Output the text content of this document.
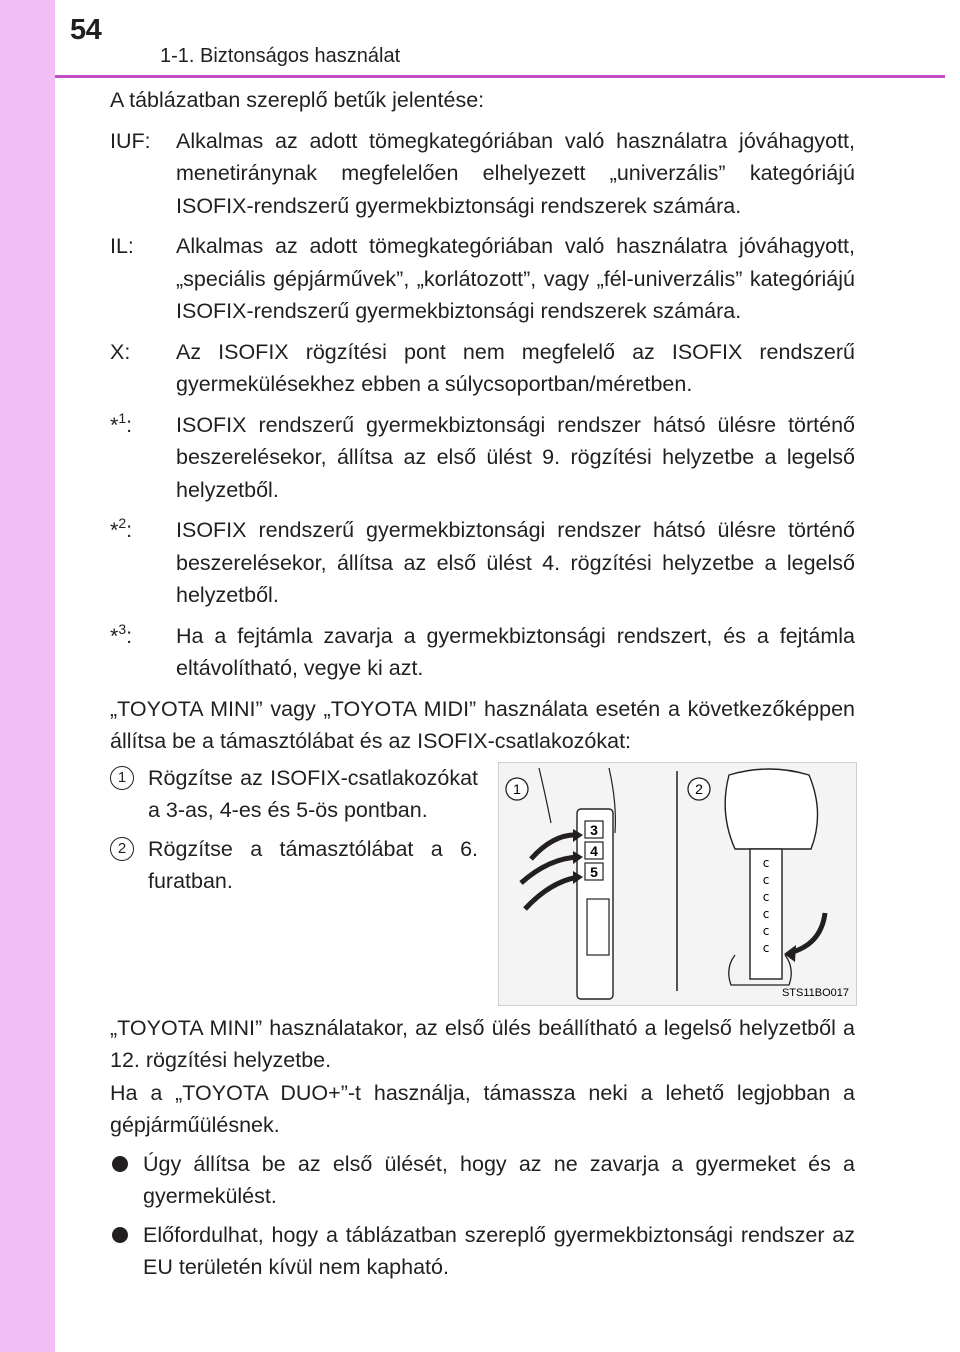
54
1-1. Biztonságos használat

A táblázatban szereplő betűk jelentése:

IUF:	Alkalmas az adott tömegkategóriában való használatra jóváhagyott, menetiránynak megfelelően elhelyezett „univerzális” kategóriájú ISOFIX-rendszerű gyermekbiztonsági rendszerek számára.
IL:	Alkalmas az adott tömegkategóriában való használatra jóváhagyott, „speciális gépjárművek”, „korlátozott”, vagy „fél-univerzális” kategóriájú ISOFIX-rendszerű gyermekbiztonsági rendszerek számára.
X:	Az ISOFIX rögzítési pont nem megfelelő az ISOFIX rendszerű gyermekülésekhez ebben a súlycsoportban/méretben.
*$^1$:	ISOFIX rendszerű gyermekbiztonsági rendszer hátsó ülésre történő beszerelésekor, állítsa az első ülést 9. rögzítési helyzetbe a legelső helyzetből.
*$^2$:	ISOFIX rendszerű gyermekbiztonsági rendszer hátsó ülésre történő beszerelésekor, állítsa az első ülést 4. rögzítési helyzetbe a legelső helyzetből.
*$^3$:	Ha a fejtámla zavarja a gyermekbiztonsági rendszert, és a fejtámla eltávolítható, vegye ki azt.

„TOYOTA MINI” vagy „TOYOTA MIDI” használata esetén a következőképpen állítsa be a támasztólábat és az ISOFIX-csatlakozókat:

1	Rögzítse az ISOFIX-csatlakozókat a 3-as, 4-es és 5-ös pontban.
2	Rögzítse a támasztólábat a 6. furatban.
1
3
4
5
2
c
c
c
c
c
c
STS11BO017

„TOYOTA MINI” használatakor, az első ülés beállítható a legelső helyzetből a 12. rögzítési helyzetbe.

Ha a „TOYOTA DUO+”-t használja, támassza neki a lehető legjobban a gépjárműülésnek.

Úgy állítsa be az első ülését, hogy az ne zavarja a gyermeket és a gyermekülést.
Előfordulhat, hogy a táblázatban szereplő gyermekbiztonsági rendszer az EU területén kívül nem kapható.
